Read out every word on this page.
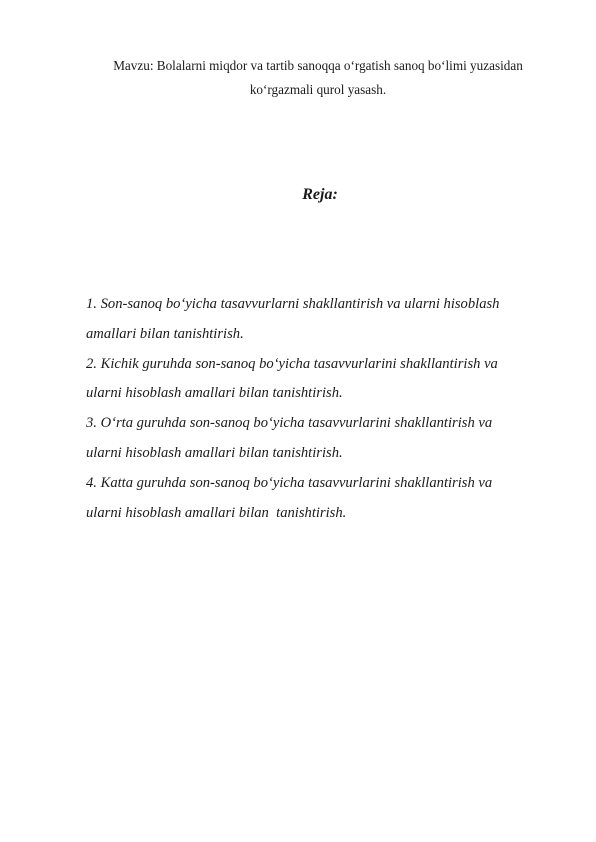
Mavzu: Bolalarni miqdor va tartib sanoqqa o‘rgatish sanoq bo‘limi yuzasidan
ko‘rgazmali qurol yasash.

Reja:
1. Son-sanoq bo‘yicha tasavvurlarni shakllantirish va ularni hisoblash
amallari bilan tanishtirish.
2. Kichik guruhda son-sanoq bo‘yicha tasavvurlarini shakllantirish va
ularni hisoblash amallari bilan tanishtirish.
3. O‘rta guruhda son-sanoq bo‘yicha tasavvurlarini shakllantirish va
ularni hisoblash amallari bilan tanishtirish.
4. Katta guruhda son-sanoq bo‘yicha tasavvurlarini shakllantirish va
ularni hisoblash amallari bilan  tanishtirish.
